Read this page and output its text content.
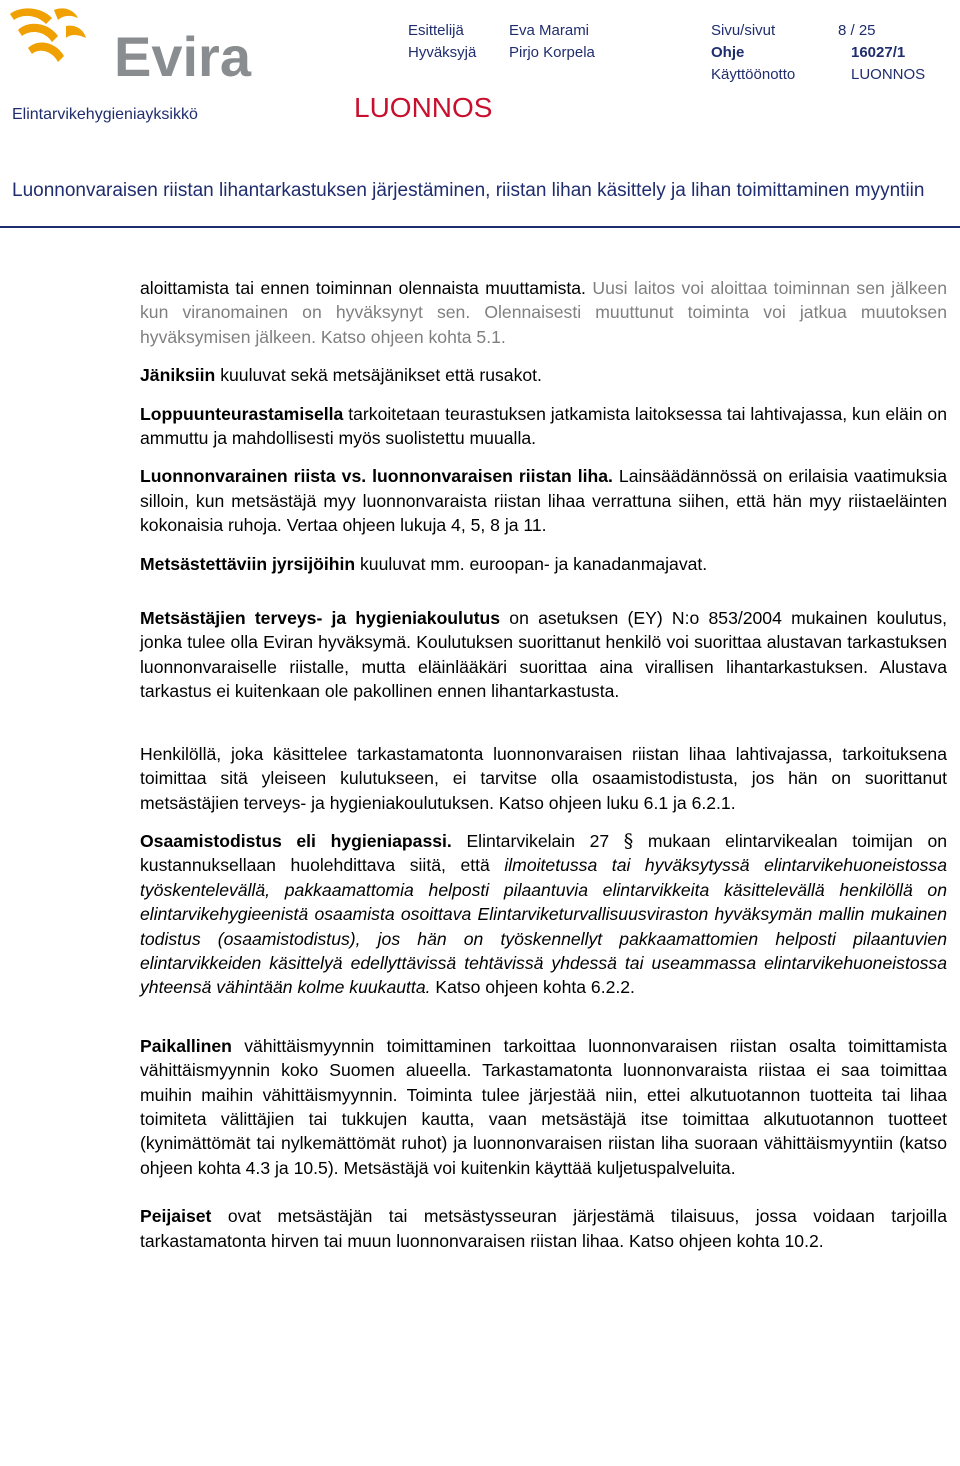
Evira
Elintarvikehygieniayksikkö	LUONNOS
Esittelijä	Eva Marami	Sivu/sivut	8 / 25
Hyväksyjä Pirjo Korpela	Ohje	16027/1
Käyttöönotto	LUONNOS
Luonnonvaraisen riistan lihantarkastuksen järjestäminen, riistan lihan käsittely ja lihan toimittaminen myyntiin

aloittamista tai ennen toiminnan olennaista muuttamista. Uusi laitos voi aloittaa toiminnan sen jälkeen kun viranomainen on hyväksynyt sen. Olennaisesti muuttunut toiminta voi jatkua muutoksen hyväksymisen jälkeen. Katso ohjeen kohta 5.1.

Jäniksiin kuuluvat sekä metsäjänikset että rusakot.

Loppuunteurastamisella tarkoitetaan teurastuksen jatkamista laitoksessa tai lahtivajassa, kun eläin on ammuttu ja mahdollisesti myös suolistettu muualla.

Luonnonvarainen riista vs. luonnonvaraisen riistan liha. Lainsäädännössä on erilaisia vaatimuksia silloin, kun metsästäjä myy luonnonvaraista riistan lihaa verrattuna siihen, että hän myy riistaeläinten kokonaisia ruhoja. Vertaa ohjeen lukuja 4, 5, 8 ja 11.

Metsästettäviin jyrsijöihin kuuluvat mm. euroopan- ja kanadanmajavat.

Metsästäjien terveys- ja hygieniakoulutus on asetuksen (EY) N:o 853/2004 mukainen koulutus, jonka tulee olla Eviran hyväksymä. Koulutuksen suorittanut henkilö voi suorittaa alustavan tarkastuksen luonnonvaraiselle riistalle, mutta eläinlääkäri suorittaa aina virallisen lihantarkastuksen. Alustava tarkastus ei kuitenkaan ole pakollinen ennen lihantarkastusta.

Henkilöllä, joka käsittelee tarkastamatonta luonnonvaraisen riistan lihaa lahtivajassa, tarkoituksena toimittaa sitä yleiseen kulutukseen, ei tarvitse olla osaamistodistusta, jos hän on suorittanut metsästäjien terveys- ja hygieniakoulutuksen. Katso ohjeen luku 6.1 ja 6.2.1.

Osaamistodistus eli hygieniapassi. Elintarvikelain 27 § mukaan elintarvikealan toimijan on kustannuksellaan huolehdittava siitä, että ilmoitetussa tai hyväksytyssä elintarvikehuoneistossa työskentelevällä, pakkaamattomia helposti pilaantuvia elintarvikkeita käsittelevällä henkilöllä on elintarvikehygieenistä osaamista osoittava Elintarviketurvallisuusviraston hyväksymän mallin mukainen todistus (osaamistodistus), jos hän on työskennellyt pakkaamattomien helposti pilaantuvien elintarvikkeiden käsittelyä edellyttävissä tehtävissä yhdessä tai useammassa elintarvikehuoneistossa yhteensä vähintään kolme kuukautta. Katso ohjeen kohta 6.2.2.

Paikallinen vähittäismyynnin toimittaminen tarkoittaa luonnonvaraisen riistan osalta toimittamista vähittäismyynnin koko Suomen alueella. Tarkastamatonta luonnonvaraista riistaa ei saa toimittaa muihin maihin vähittäismyynnin. Toiminta tulee järjestää niin, ettei alkutuotannon tuotteita tai lihaa toimiteta välittäjien tai tukkujen kautta, vaan metsästäjä itse toimittaa alkutuotannon tuotteet (kynimättömät tai nylkemättömät ruhot) ja luonnonvaraisen riistan liha suoraan vähittäismyyntiin (katso ohjeen kohta 4.3 ja 10.5). Metsästäjä voi kuitenkin käyttää kuljetuspalveluita.

Peijaiset ovat metsästäjän tai metsästysseuran järjestämä tilaisuus, jossa voidaan tarjoilla tarkastamatonta hirven tai muun luonnonvaraisen riistan lihaa. Katso ohjeen kohta 10.2.
